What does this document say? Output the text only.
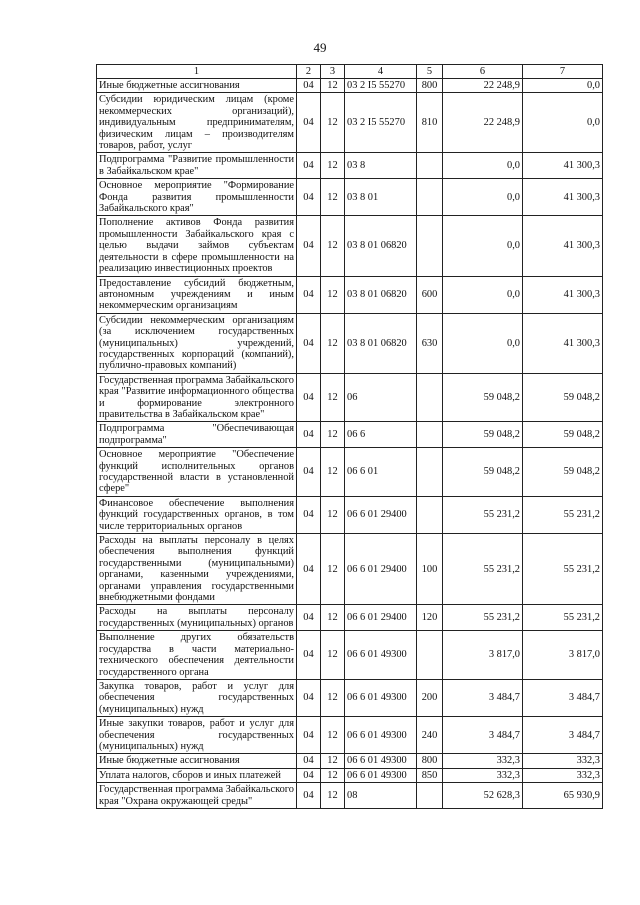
49
1	2	3	4	5	6	7
Иные бюджетные ассигнования	04	12	03 2 I5 55270	800	22 248,9	0,0
Субсидии юридическим лицам (кроме некоммерческих организаций), индивидуальным предпринимателям, физическим лицам – производителям товаров, работ, услуг	04	12	03 2 I5 55270	810	22 248,9	0,0
Подпрограмма "Развитие промышленности в Забайкальском крае"	04	12	03 8		0,0	41 300,3
Основное мероприятие "Формирование Фонда развития промышленности Забайкальского края"	04	12	03 8 01		0,0	41 300,3
Пополнение активов Фонда развития промышленности Забайкальского края с целью выдачи займов субъектам деятельности в сфере промышленности на реализацию инвестиционных проектов	04	12	03 8 01 06820		0,0	41 300,3
Предоставление субсидий бюджетным, автономным учреждениям и иным некоммерческим организациям	04	12	03 8 01 06820	600	0,0	41 300,3
Субсидии некоммерческим организациям (за исключением государственных (муниципальных) учреждений, государственных корпораций (компаний), публично-правовых компаний)	04	12	03 8 01 06820	630	0,0	41 300,3
Государственная программа Забайкальского края "Развитие информационного общества и формирование электронного правительства в Забайкальском крае"	04	12	06		59 048,2	59 048,2
Подпрограмма "Обеспечивающая подпрограмма"	04	12	06 6		59 048,2	59 048,2
Основное мероприятие "Обеспечение функций исполнительных органов государственной власти в установленной сфере"	04	12	06 6 01		59 048,2	59 048,2
Финансовое обеспечение выполнения функций государственных органов, в том числе территориальных органов	04	12	06 6 01 29400		55 231,2	55 231,2
Расходы на выплаты персоналу в целях обеспечения выполнения функций государственными (муниципальными) органами, казенными учреждениями, органами управления государственными внебюджетными фондами	04	12	06 6 01 29400	100	55 231,2	55 231,2
Расходы на выплаты персоналу государственных (муниципальных) органов	04	12	06 6 01 29400	120	55 231,2	55 231,2
Выполнение других обязательств государства в части материально-технического обеспечения деятельности государственного органа	04	12	06 6 01 49300		3 817,0	3 817,0
Закупка товаров, работ и услуг для обеспечения государственных (муниципальных) нужд	04	12	06 6 01 49300	200	3 484,7	3 484,7
Иные закупки товаров, работ и услуг для обеспечения государственных (муниципальных) нужд	04	12	06 6 01 49300	240	3 484,7	3 484,7
Иные бюджетные ассигнования	04	12	06 6 01 49300	800	332,3	332,3
Уплата налогов, сборов и иных платежей	04	12	06 6 01 49300	850	332,3	332,3
Государственная программа Забайкальского края "Охрана окружающей среды"	04	12	08		52 628,3	65 930,9
